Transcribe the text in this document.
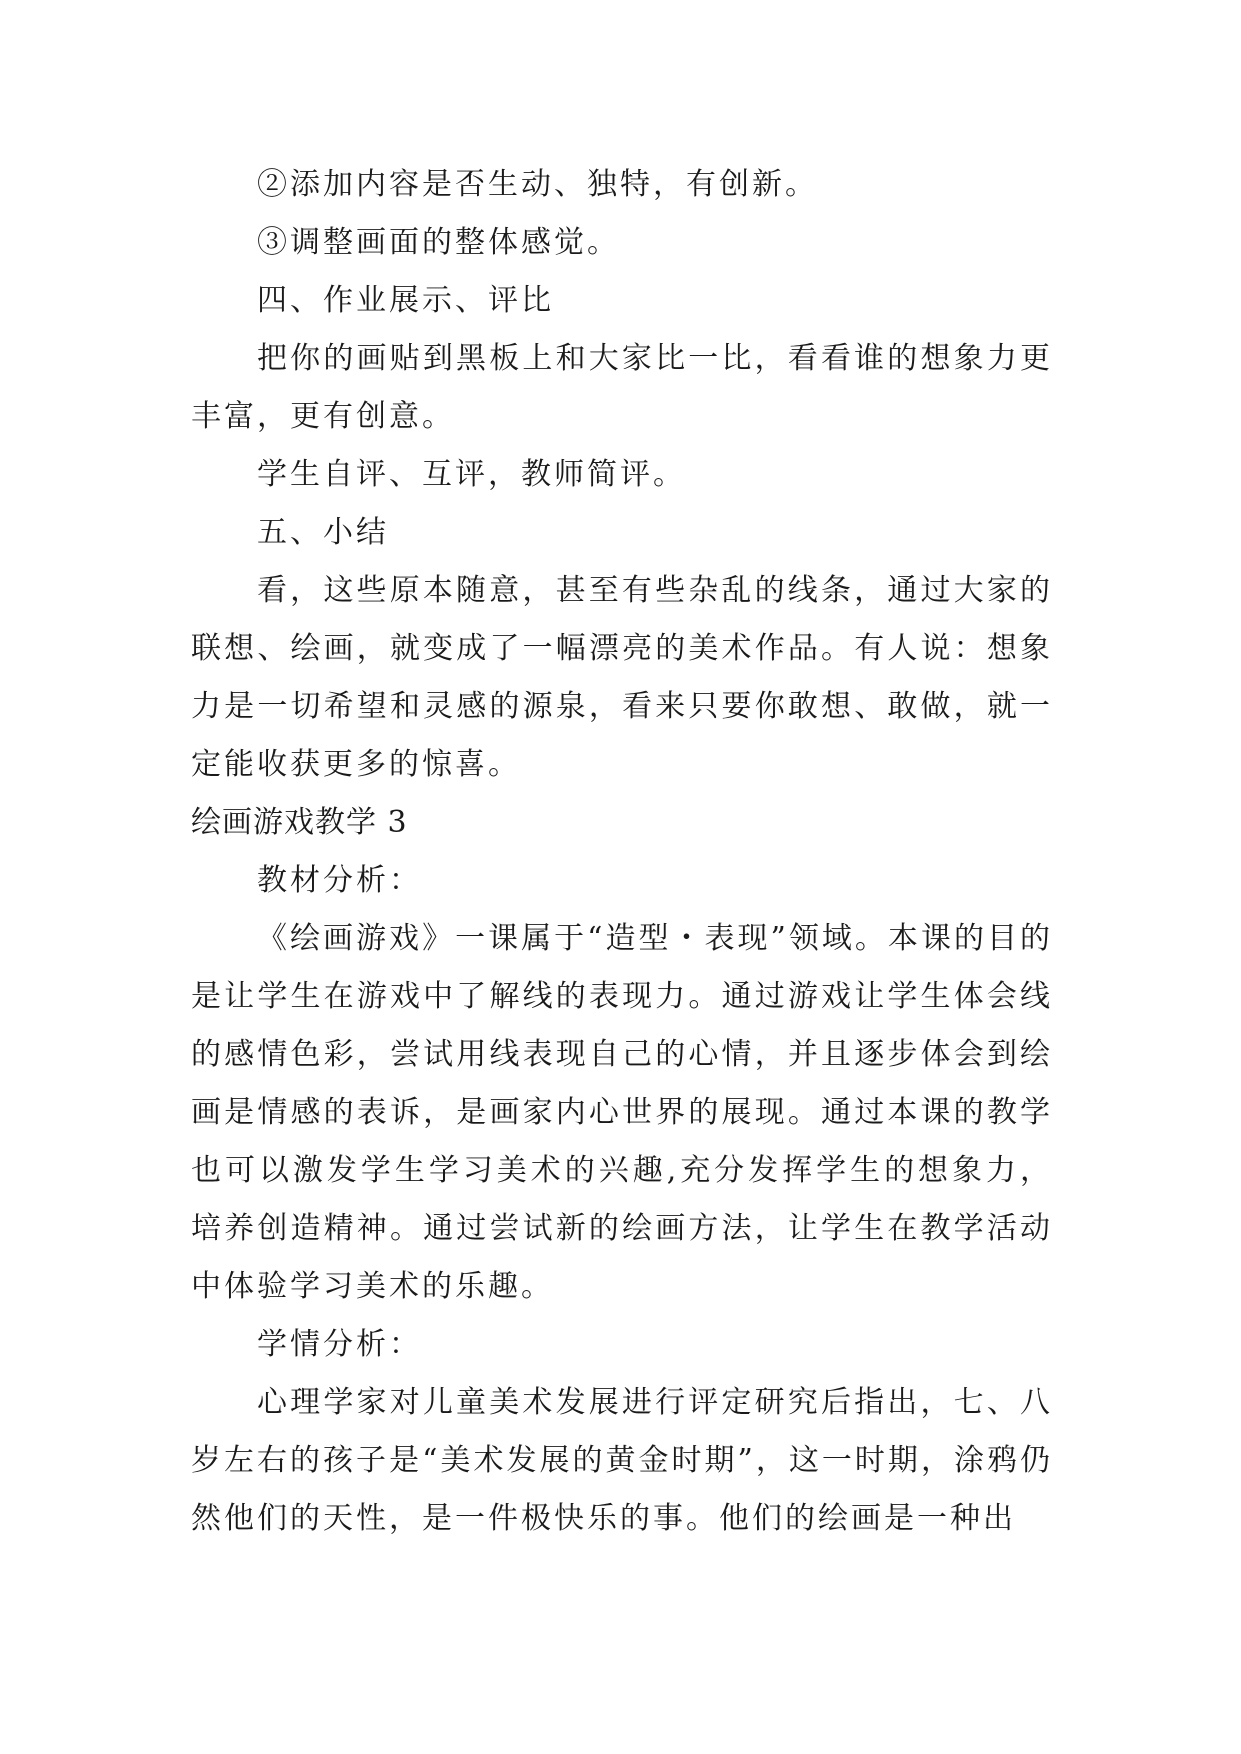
②添加内容是否生动、独特，有创新。

③调整画面的整体感觉。

四、作业展示、评比

把你的画贴到黑板上和大家比一比，看看谁的想象力更丰富，更有创意。

学生自评、互评，教师简评。

五、小结

看，这些原本随意，甚至有些杂乱的线条，通过大家的联想、绘画，就变成了一幅漂亮的美术作品。有人说：想象力是一切希望和灵感的源泉，看来只要你敢想、敢做，就一定能收获更多的惊喜。

绘画游戏教学 3

教材分析：

《绘画游戏》一课属于“造型・表现”领域。本课的目的是让学生在游戏中了解线的表现力。通过游戏让学生体会线的感情色彩，尝试用线表现自己的心情，并且逐步体会到绘画是情感的表诉，是画家内心世界的展现。通过本课的教学也可以激发学生学习美术的兴趣,充分发挥学生的想象力，培养创造精神。通过尝试新的绘画方法，让学生在教学活动中体验学习美术的乐趣。

学情分析：

心理学家对儿童美术发展进行评定研究后指出，七、八岁左右的孩子是“美术发展的黄金时期”，这一时期，涂鸦仍然他们的天性，是一件极快乐的事。他们的绘画是一种出
